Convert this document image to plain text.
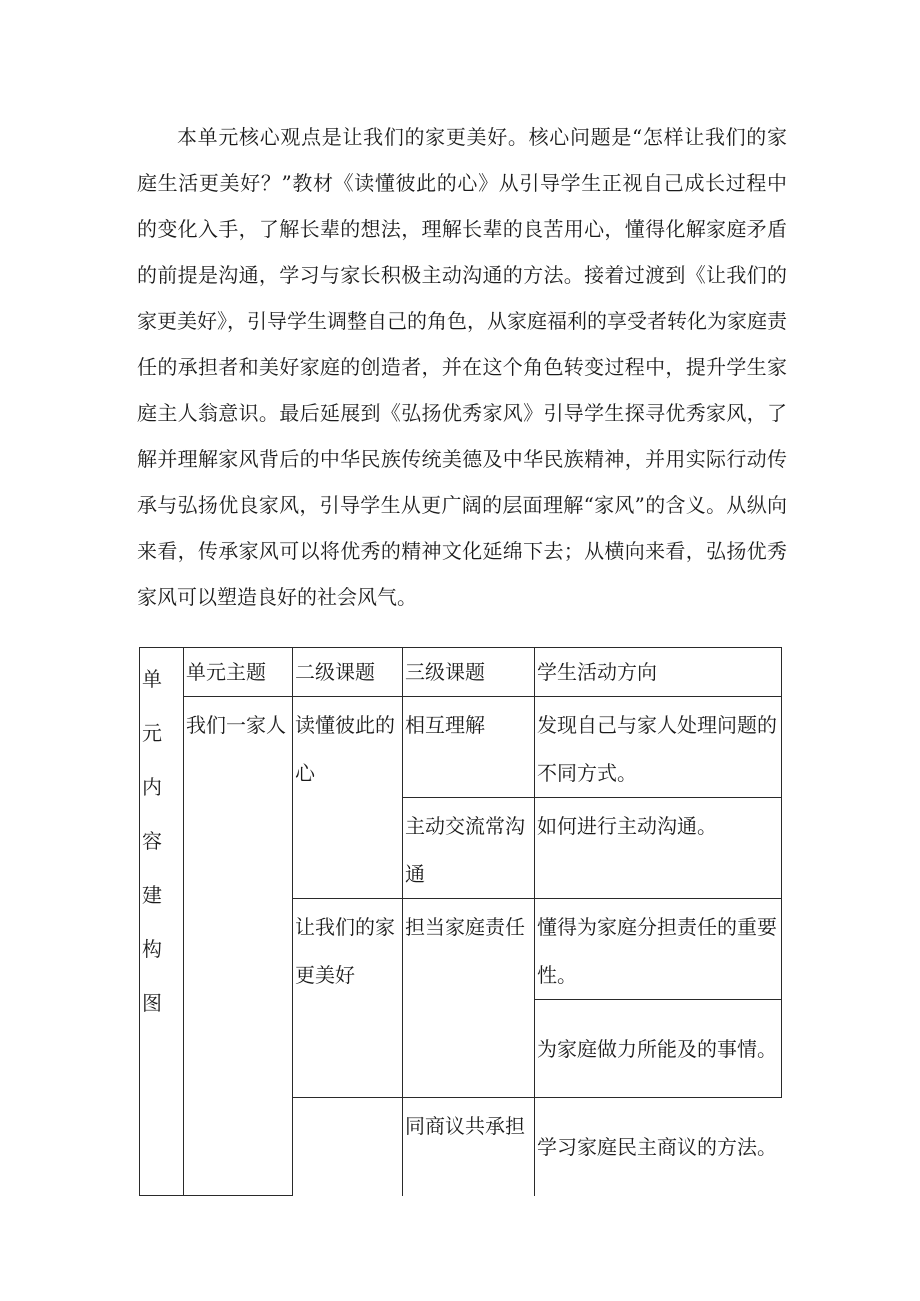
本单元核心观点是让我们的家更美好。核心问题是“怎样让我们的家庭生活更美好？”教材《读懂彼此的心》从引导学生正视自己成长过程中的变化入手，了解长辈的想法，理解长辈的良苦用心，懂得化解家庭矛盾的前提是沟通，学习与家长积极主动沟通的方法。接着过渡到《让我们的家更美好》，引导学生调整自己的角色，从家庭福利的享受者转化为家庭责任的承担者和美好家庭的创造者，并在这个角色转变过程中，提升学生家庭主人翁意识。最后延展到《弘扬优秀家风》引导学生探寻优秀家风，了解并理解家风背后的中华民族传统美德及中华民族精神，并用实际行动传承与弘扬优良家风，引导学生从更广阔的层面理解“家风”的含义。从纵向来看，传承家风可以将优秀的精神文化延绵下去；从横向来看，弘扬优秀家风可以塑造良好的社会风气。

单元内容建构图	单元主题	二级课题	三级课题	学生活动方向
	我们一家人	读懂彼此的心	相互理解	发现自己与家人处理问题的不同方式。
			主动交流常沟通	如何进行主动沟通。
		让我们的家更美好	担当家庭责任	懂得为家庭分担责任的重要性。
				为家庭做力所能及的事情。
			同商议共承担	学习家庭民主商议的方法。
